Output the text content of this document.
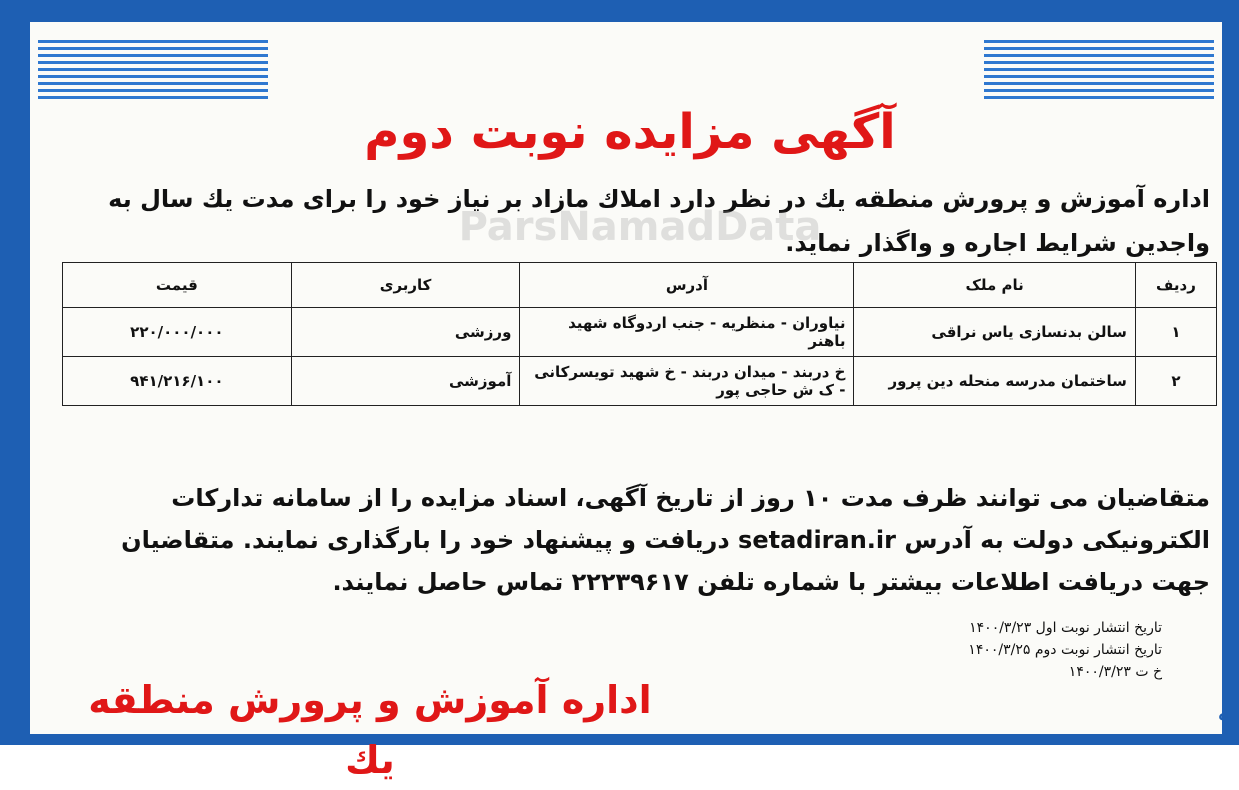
آگهی مزایده نوبت دوم
اداره آموزش و پرورش منطقه یك در نظر دارد املاك مازاد بر نیاز خود را برای مدت یك سال به واجدین شرایط اجاره و واگذار نماید.
ParsNamadData
ردیف	نام ملک	آدرس	کاربری	قیمت
۱	سالن بدنسازی یاس نراقی	نیاوران - منظریه - جنب اردوگاه شهید باهنر	ورزشی	۲۲۰/۰۰۰/۰۰۰
۲	ساختمان مدرسه منحله دین پرور	خ دربند - میدان دربند - خ شهید تویسرکانی - ک ش حاجی پور	آموزشی	۹۴۱/۲۱۶/۱۰۰
متقاضیان می توانند ظرف مدت ۱۰ روز از تاریخ آگهی، اسناد مزایده را از سامانه تدارکات الکترونیکی دولت به آدرس setadiran.ir دریافت و پیشنهاد خود را بارگذاری نمایند. متقاضیان جهت دریافت اطلاعات بیشتر با شماره تلفن ۲۲۲۳۹۶۱۷ تماس حاصل نمایند.
تاریخ انتشار نوبت اول ۱۴۰۰/۳/۲۳
تاریخ انتشار نوبت دوم ۱۴۰۰/۳/۲۵
خ ت ۱۴۰۰/۳/۲۳
اداره آموزش و پرورش منطقه یك
؎
